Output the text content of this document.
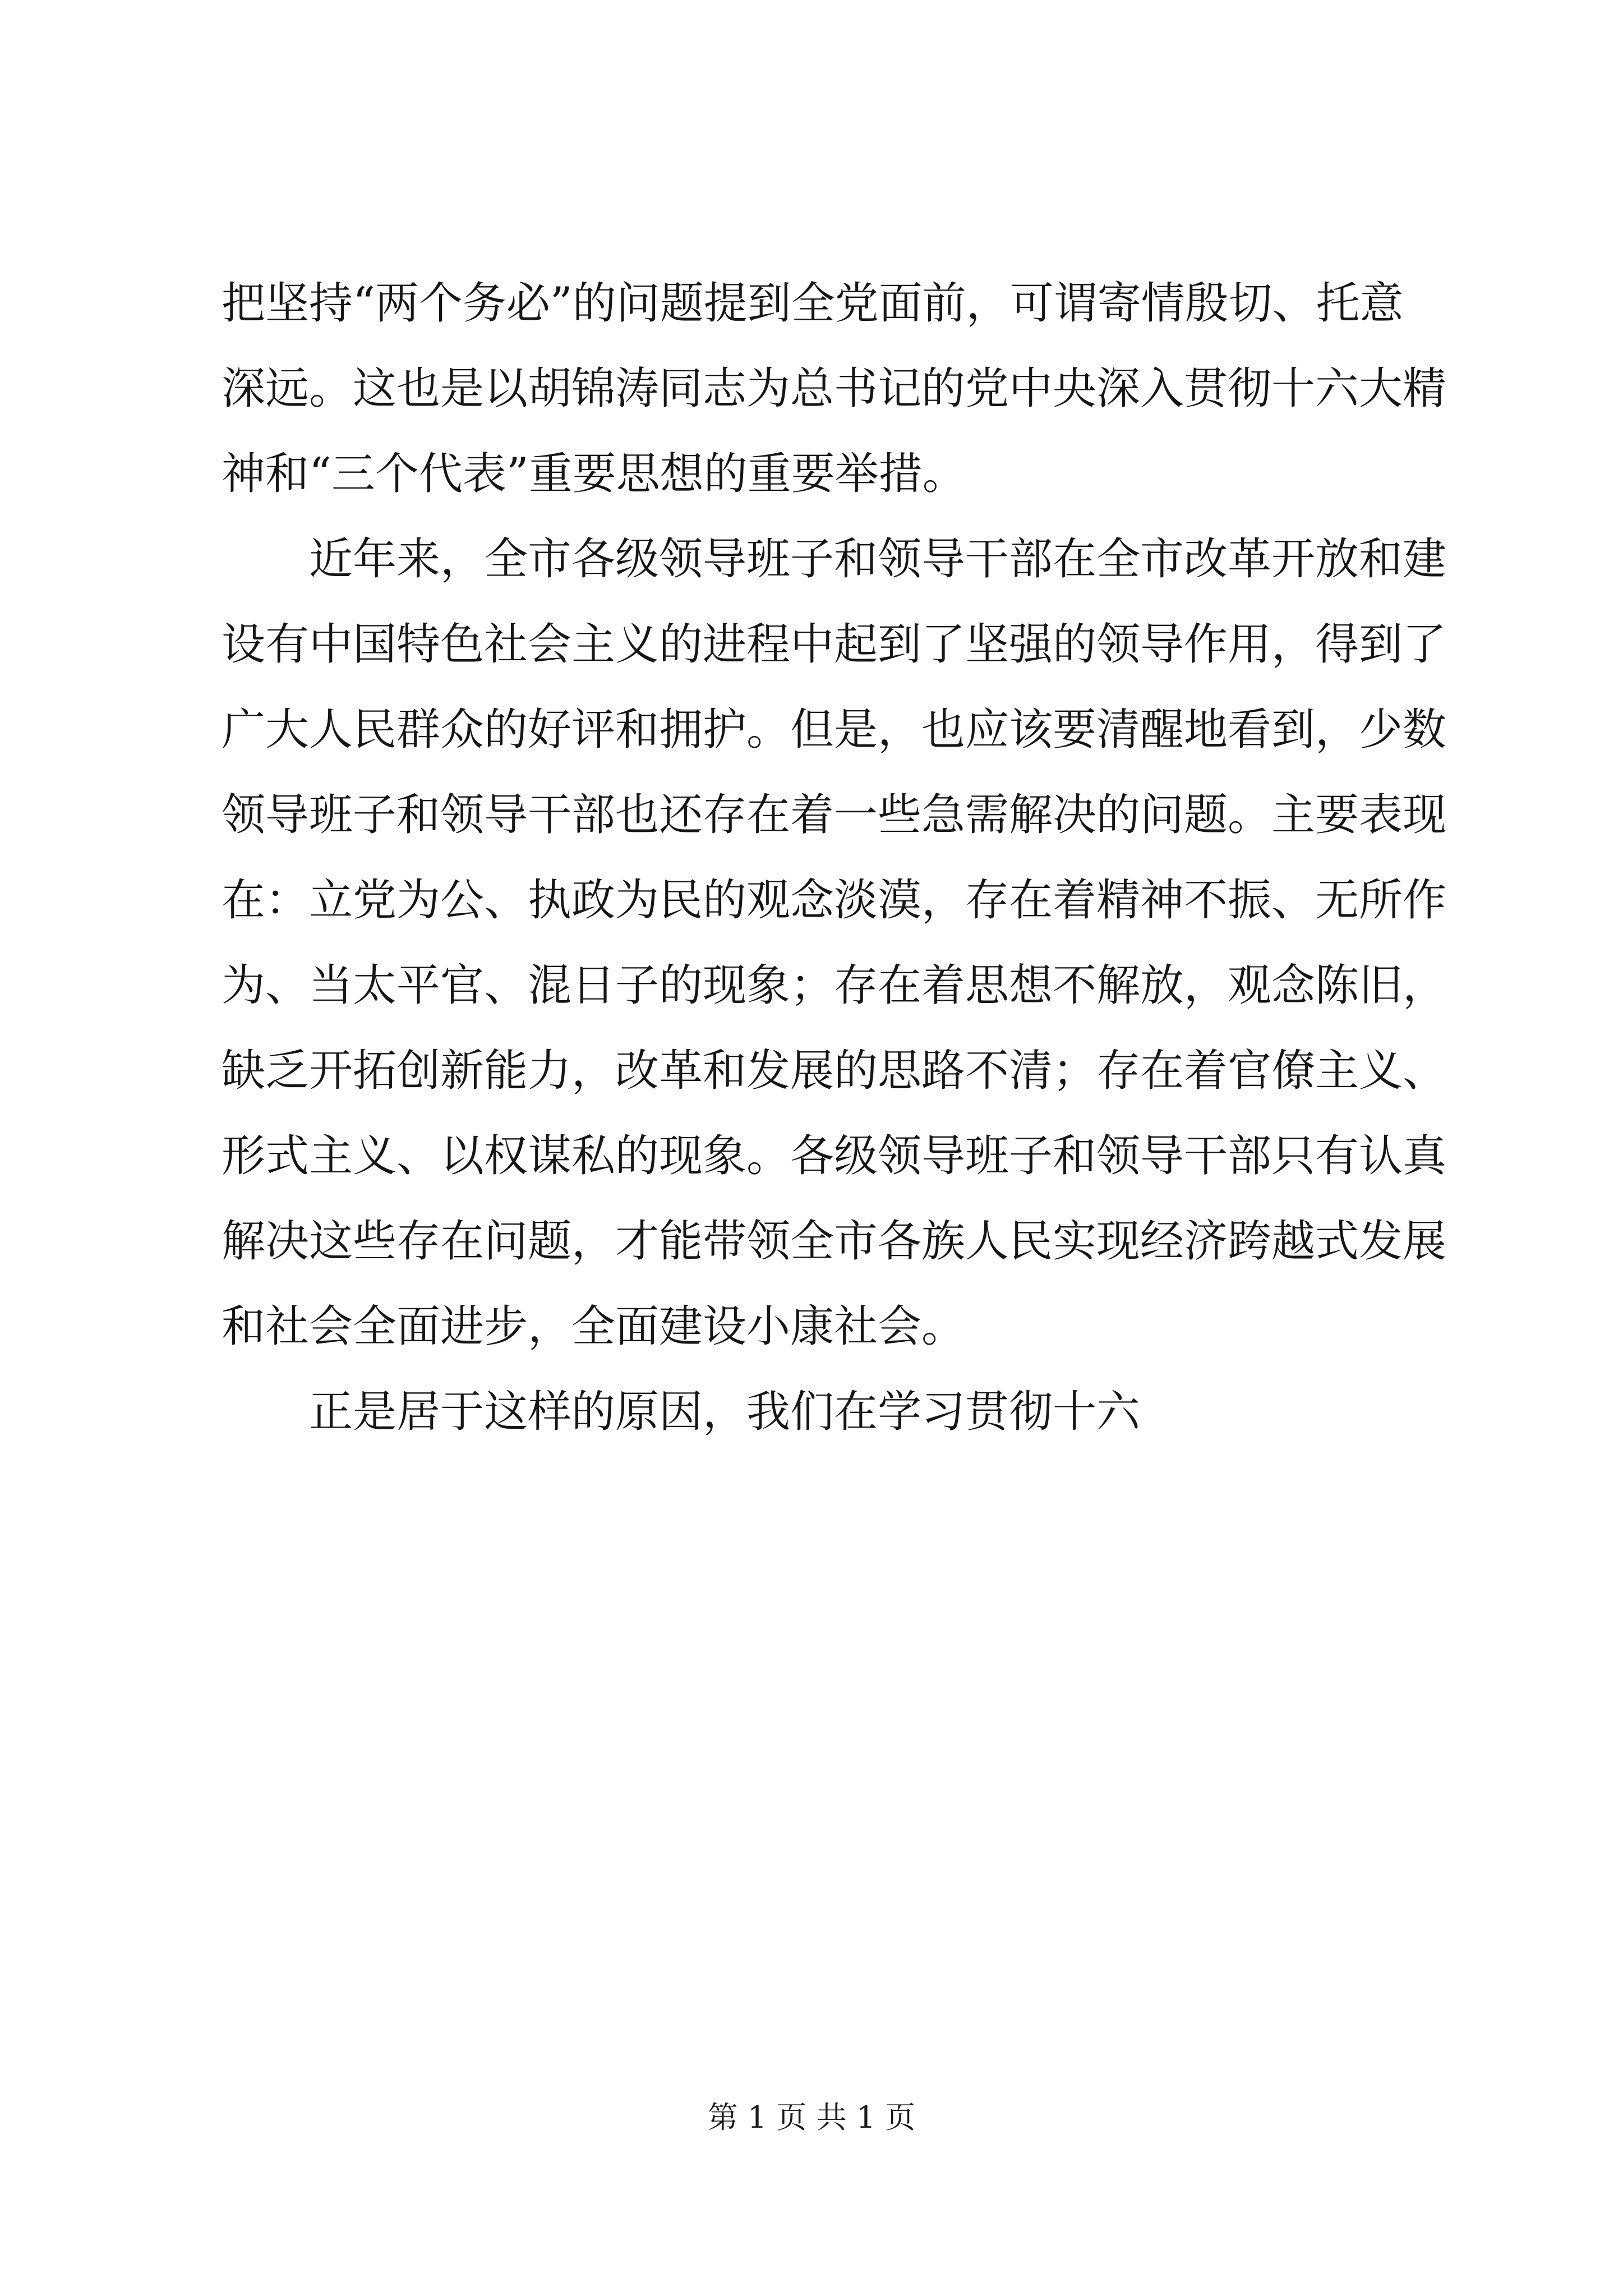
把坚持“两个务必”的问题提到全党面前，可谓寄情殷切、托意
深远。这也是以胡锦涛同志为总书记的党中央深入贯彻十六大精
神和“三个代表”重要思想的重要举措。
近年来，全市各级领导班子和领导干部在全市改革开放和建
设有中国特色社会主义的进程中起到了坚强的领导作用，得到了
广大人民群众的好评和拥护。但是，也应该要清醒地看到，少数
领导班子和领导干部也还存在着一些急需解决的问题。主要表现
在：立党为公、执政为民的观念淡漠，存在着精神不振、无所作
为、当太平官、混日子的现象；存在着思想不解放，观念陈旧，
缺乏开拓创新能力，改革和发展的思路不清；存在着官僚主义、
形式主义、以权谋私的现象。各级领导班子和领导干部只有认真
解决这些存在问题，才能带领全市各族人民实现经济跨越式发展
和社会全面进步，全面建设小康社会。
正是居于这样的原因，我们在学习贯彻十六
第 1 页 共 1 页
